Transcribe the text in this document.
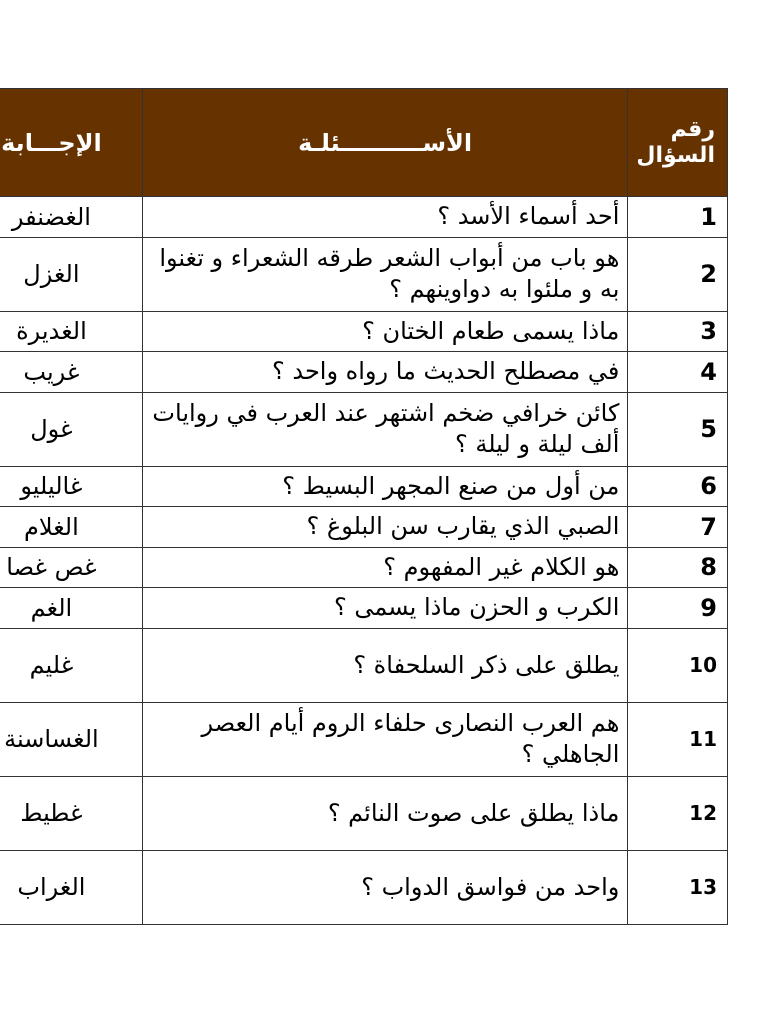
رقم السؤال	الأســــــــــئلـة	الإجـــابة
1	أحد أسماء الأسد ؟	الغضنفر
2	هو باب من أبواب الشعر طرقه الشعراء و تغنوا به و ملئوا به دواوينهم ؟	الغزل
3	ماذا يسمى طعام الختان ؟	الغديرة
4	في مصطلح الحديث ما رواه واحد ؟	غريب
5	كائن خرافي ضخم اشتهر عند العرب في روايات ألف ليلة و ليلة ؟	غول
6	من أول من صنع المجهر البسيط ؟	غاليليو
7	الصبي الذي يقارب سن البلوغ ؟	الغلام
8	هو الكلام غير المفهوم ؟	غص غصا
9	الكرب و الحزن ماذا يسمى ؟	الغم
10	يطلق على ذكر السلحفاة ؟	غليم
11	هم العرب النصارى حلفاء الروم أيام العصر الجاهلي ؟	الغساسنة
12	ماذا يطلق على صوت النائم ؟	غطيط
13	واحد من فواسق الدواب ؟	الغراب
